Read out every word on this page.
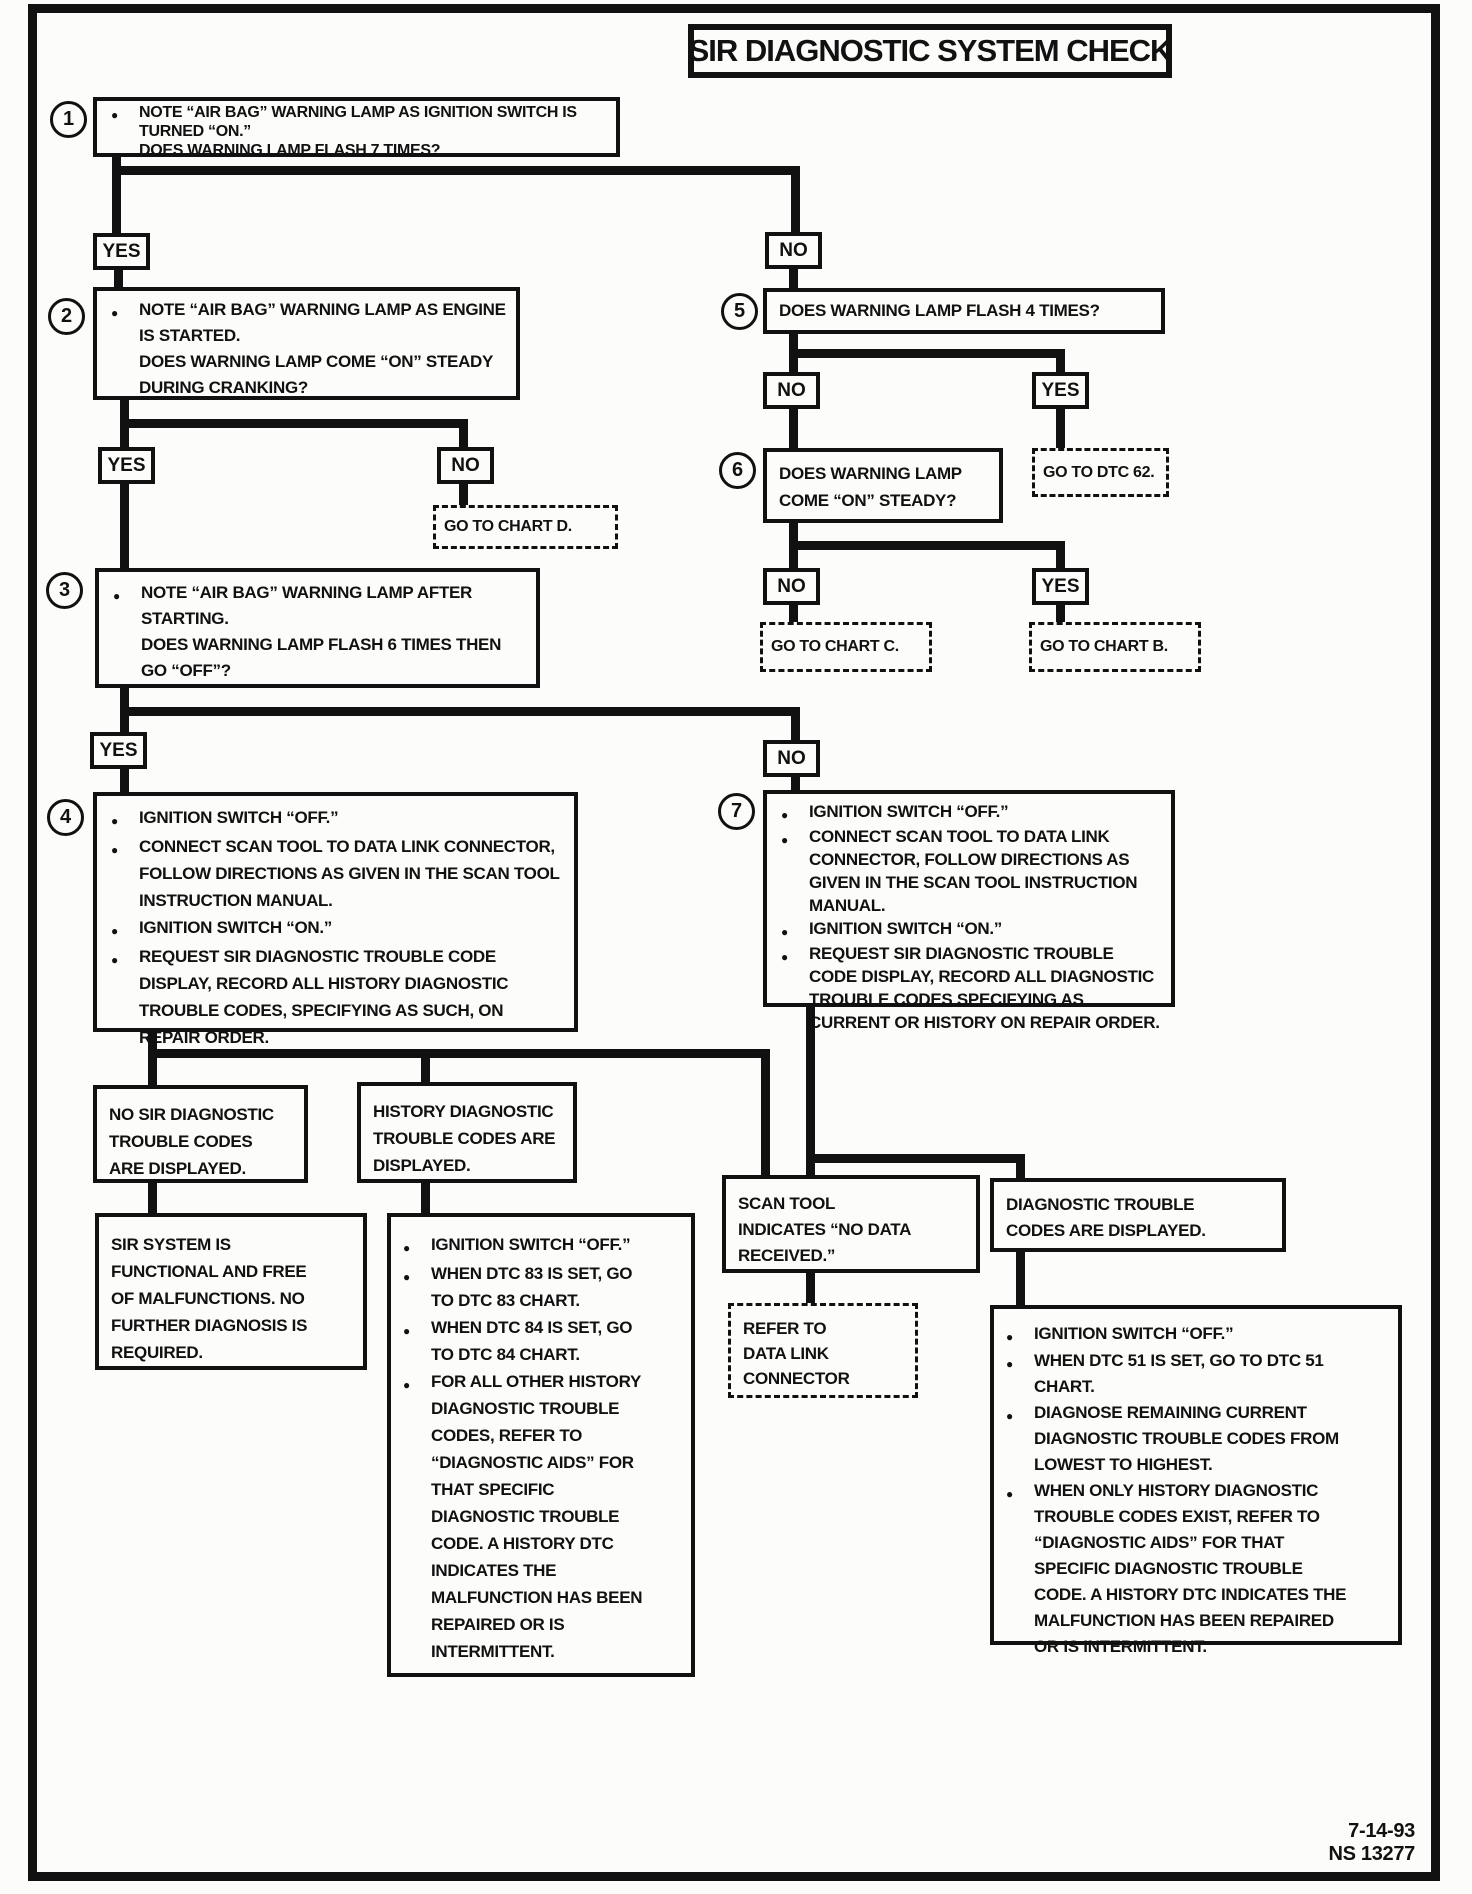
SIR DIAGNOSTIC SYSTEM CHECK
1
2
3
4
5
6
7
●
NOTE “AIR BAG” WARNING LAMP AS IGNITION SWITCH IS TURNED “ON.”
DOES WARNING LAMP FLASH 7 TIMES?
YES	NO
●
NOTE “AIR BAG” WARNING LAMP AS ENGINE IS STARTED.
DOES WARNING LAMP COME “ON” STEADY DURING CRANKING?
DOES WARNING LAMP FLASH 4 TIMES?
YES	NO
NO	YES
GO TO CHART D.
GO TO DTC 62.
DOES WARNING LAMP COME “ON” STEADY?
●
NOTE “AIR BAG” WARNING LAMP AFTER STARTING.
DOES WARNING LAMP FLASH 6 TIMES THEN GO “OFF”?
NO	YES
GO TO CHART C.	GO TO CHART B.
YES	NO
●
IGNITION SWITCH “OFF.”
●
CONNECT SCAN TOOL TO DATA LINK CONNECTOR, FOLLOW DIRECTIONS AS GIVEN IN THE SCAN TOOL INSTRUCTION MANUAL.
●
IGNITION SWITCH “ON.”
●
REQUEST SIR DIAGNOSTIC TROUBLE CODE DISPLAY, RECORD ALL HISTORY DIAGNOSTIC TROUBLE CODES, SPECIFYING AS SUCH, ON REPAIR ORDER.
●
IGNITION SWITCH “OFF.”
●
CONNECT SCAN TOOL TO DATA LINK CONNECTOR, FOLLOW DIRECTIONS AS GIVEN IN THE SCAN TOOL INSTRUCTION MANUAL.
●
IGNITION SWITCH “ON.”
●
REQUEST SIR DIAGNOSTIC TROUBLE CODE DISPLAY, RECORD ALL DIAGNOSTIC TROUBLE CODES SPECIFYING AS CURRENT OR HISTORY ON REPAIR ORDER.
NO SIR DIAGNOSTIC
TROUBLE CODES
ARE DISPLAYED.
HISTORY DIAGNOSTIC
TROUBLE CODES ARE
DISPLAYED.
SCAN TOOL
INDICATES “NO DATA
RECEIVED.”
DIAGNOSTIC TROUBLE
CODES ARE DISPLAYED.
SIR SYSTEM IS
FUNCTIONAL AND FREE
OF MALFUNCTIONS. NO
FURTHER DIAGNOSIS IS
REQUIRED.
●
IGNITION SWITCH “OFF.”
●
WHEN DTC 83 IS SET, GO TO DTC 83 CHART.
●
WHEN DTC 84 IS SET, GO TO DTC 84 CHART.
●
FOR ALL OTHER HISTORY DIAGNOSTIC TROUBLE CODES, REFER TO “DIAGNOSTIC AIDS” FOR THAT SPECIFIC DIAGNOSTIC TROUBLE CODE. A HISTORY DTC INDICATES THE MALFUNCTION HAS BEEN REPAIRED OR IS INTERMITTENT.
REFER TO
DATA LINK
CONNECTOR
●
IGNITION SWITCH “OFF.”
●
WHEN DTC 51 IS SET, GO TO DTC 51 CHART.
●
DIAGNOSE REMAINING CURRENT DIAGNOSTIC TROUBLE CODES FROM LOWEST TO HIGHEST.
●
WHEN ONLY HISTORY DIAGNOSTIC TROUBLE CODES EXIST, REFER TO “DIAGNOSTIC AIDS” FOR THAT SPECIFIC DIAGNOSTIC TROUBLE CODE. A HISTORY DTC INDICATES THE MALFUNCTION HAS BEEN REPAIRED OR IS INTERMITTENT.
7-14-93
NS 13277
